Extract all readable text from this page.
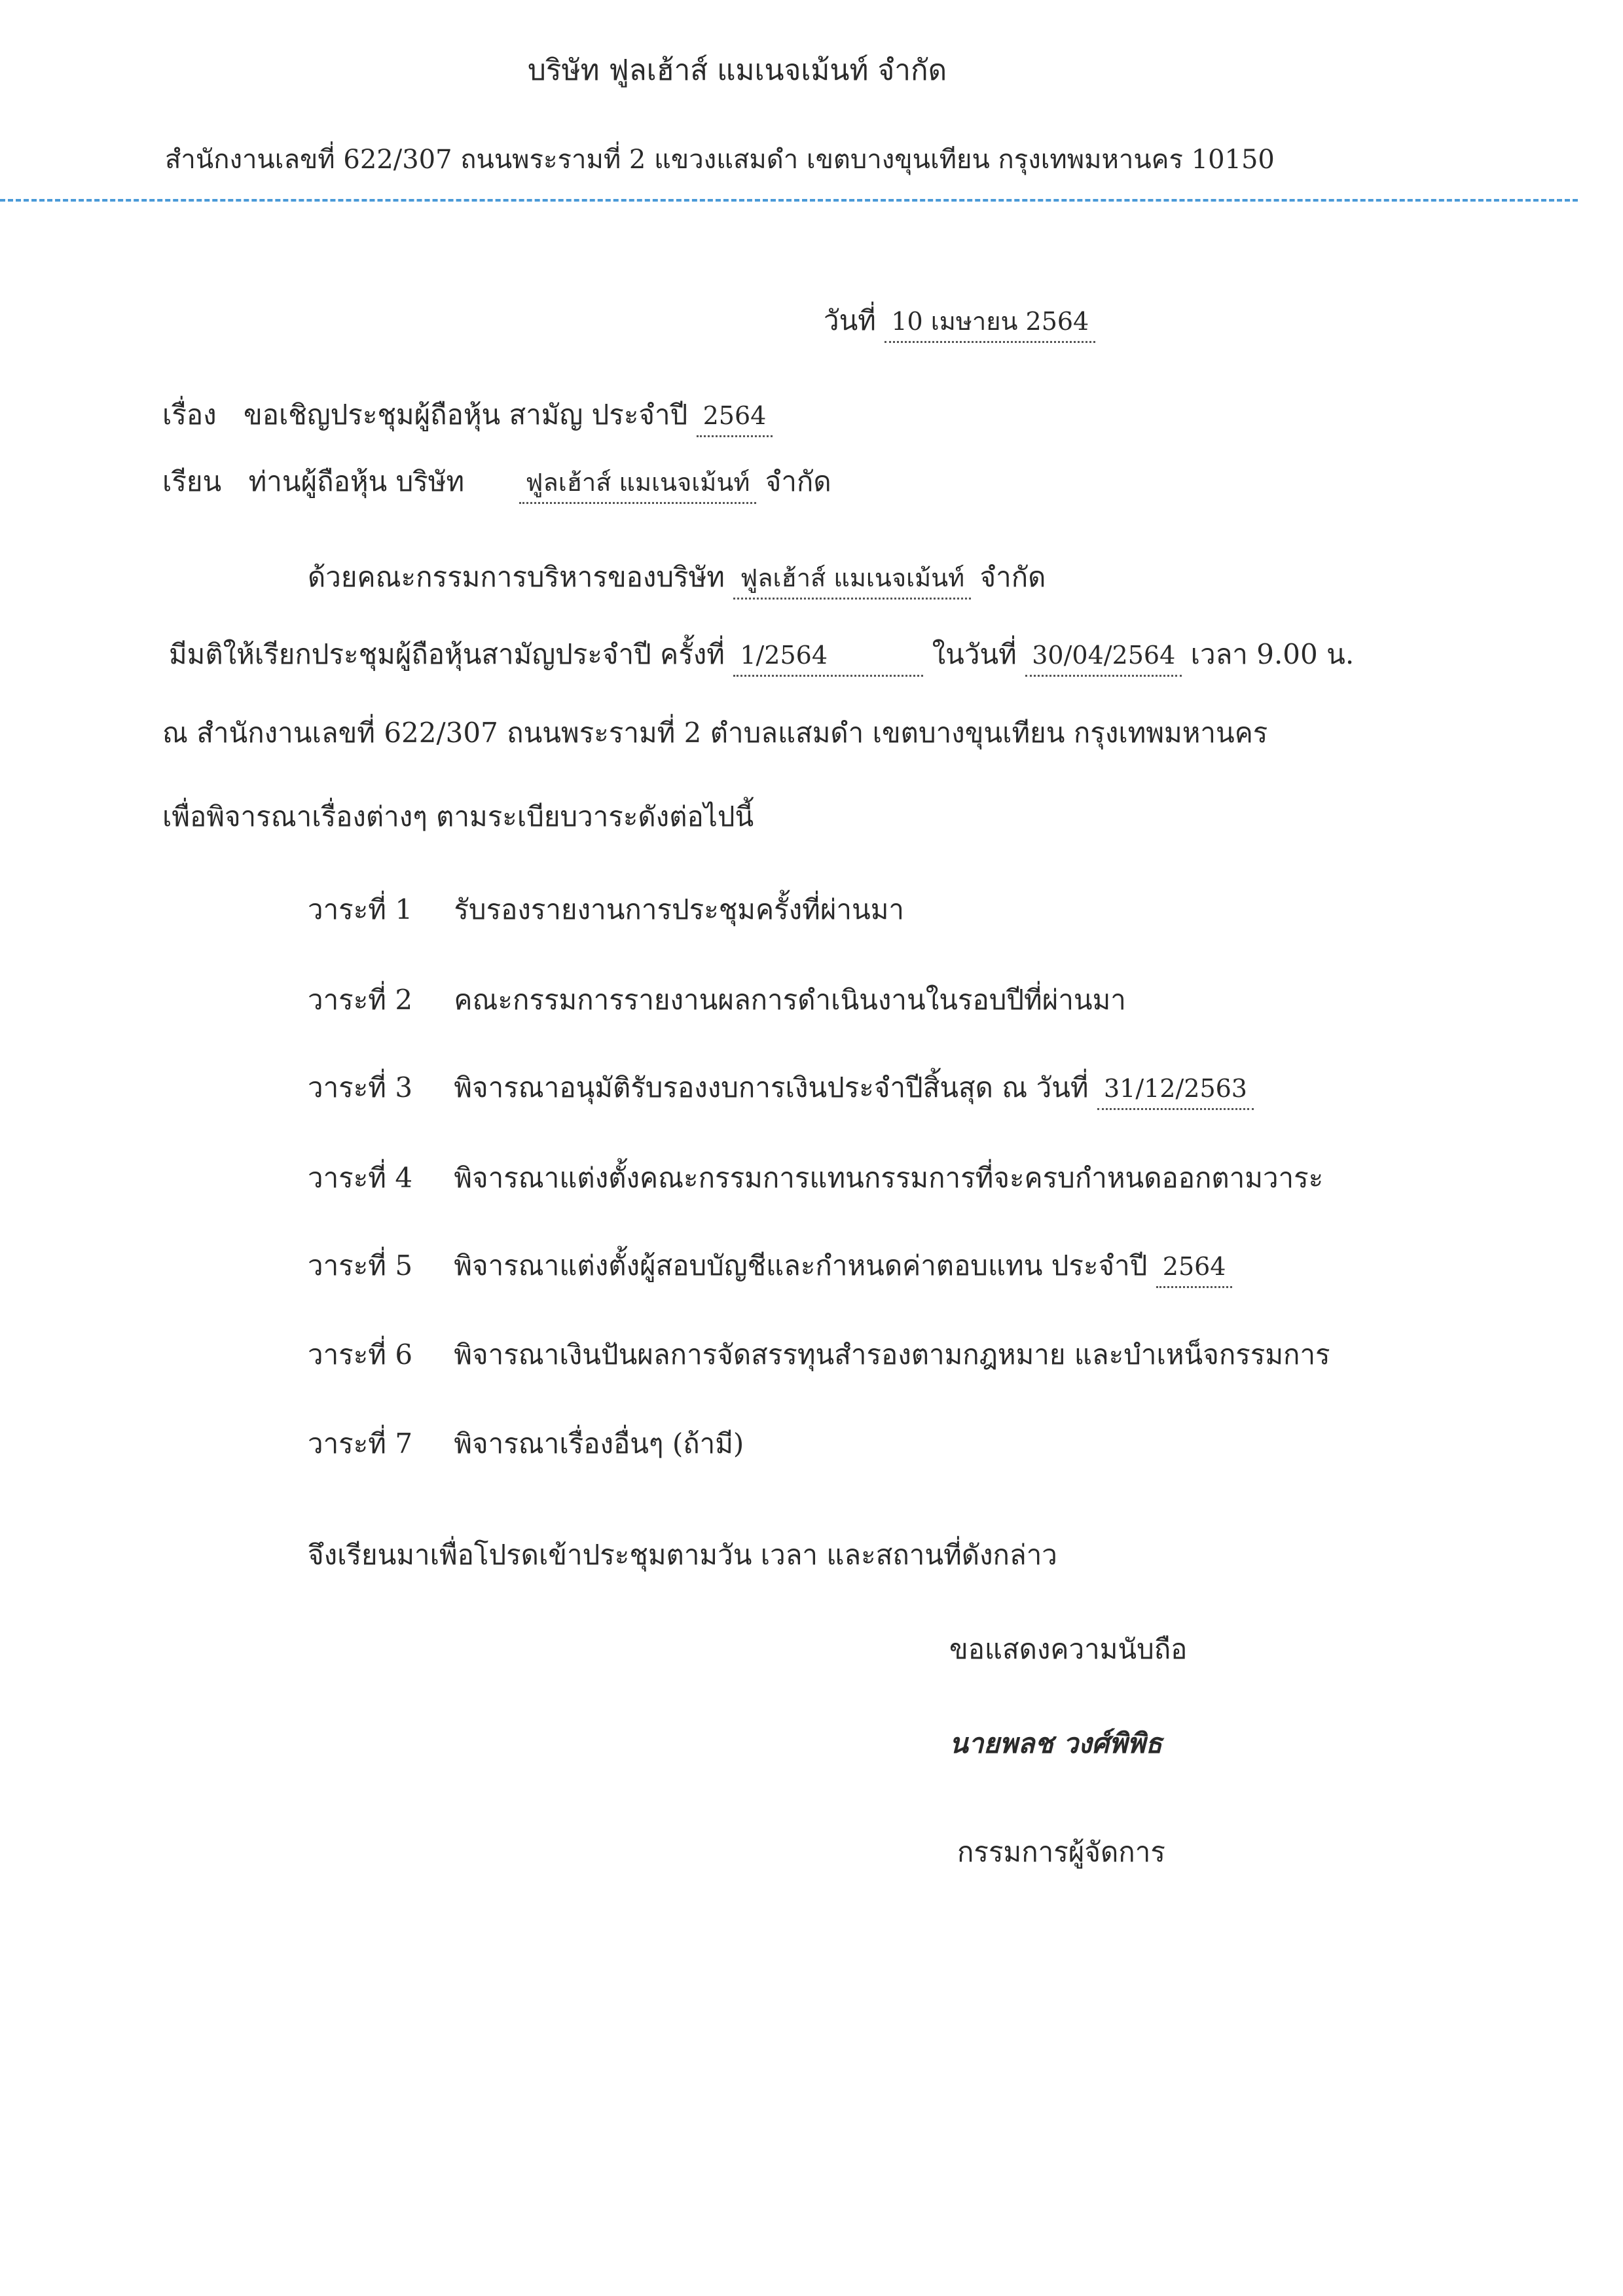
บริษัท ฟูลเฮ้าส์ แมเนจเม้นท์ จำกัด
สำนักงานเลขที่ 622/307 ถนนพระรามที่ 2 แขวงแสมดำ เขตบางขุนเทียน กรุงเทพมหานคร 10150
วันที่ 10 เมษายน 2564
เรื่อง ขอเชิญประชุมผู้ถือหุ้น สามัญ ประจำปี 2564
เรียน ท่านผู้ถือหุ้น บริษัท ฟูลเฮ้าส์ แมเนจเม้นท์ จำกัด
ด้วยคณะกรรมการบริหารของบริษัท ฟูลเฮ้าส์ แมเนจเม้นท์ จำกัด
มีมติให้เรียกประชุมผู้ถือหุ้นสามัญประจำปี ครั้งที่ 1/2564	ในวันที่ 30/04/2564 เวลา 9.00 น.
ณ สำนักงานเลขที่ 622/307 ถนนพระรามที่ 2 ตำบลแสมดำ เขตบางขุนเทียน กรุงเทพมหานคร
เพื่อพิจารณาเรื่องต่างๆ ตามระเบียบวาระดังต่อไปนี้
วาระที่ 1 รับรองรายงานการประชุมครั้งที่ผ่านมา
วาระที่ 2 คณะกรรมการรายงานผลการดำเนินงานในรอบปีที่ผ่านมา
วาระที่ 3 พิจารณาอนุมัติรับรองงบการเงินประจำปีสิ้นสุด ณ วันที่ 31/12/2563
วาระที่ 4 พิจารณาแต่งตั้งคณะกรรมการแทนกรรมการที่จะครบกำหนดออกตามวาระ
วาระที่ 5 พิจารณาแต่งตั้งผู้สอบบัญชีและกำหนดค่าตอบแทน ประจำปี 2564
วาระที่ 6 พิจารณาเงินปันผลการจัดสรรทุนสำรองตามกฎหมาย และบำเหน็จกรรมการ
วาระที่ 7 พิจารณาเรื่องอื่นๆ (ถ้ามี)
จึงเรียนมาเพื่อโปรดเข้าประชุมตามวัน เวลา และสถานที่ดังกล่าว
ขอแสดงความนับถือ
นายพลช วงศ์พิพิธ
กรรมการผู้จัดการ
